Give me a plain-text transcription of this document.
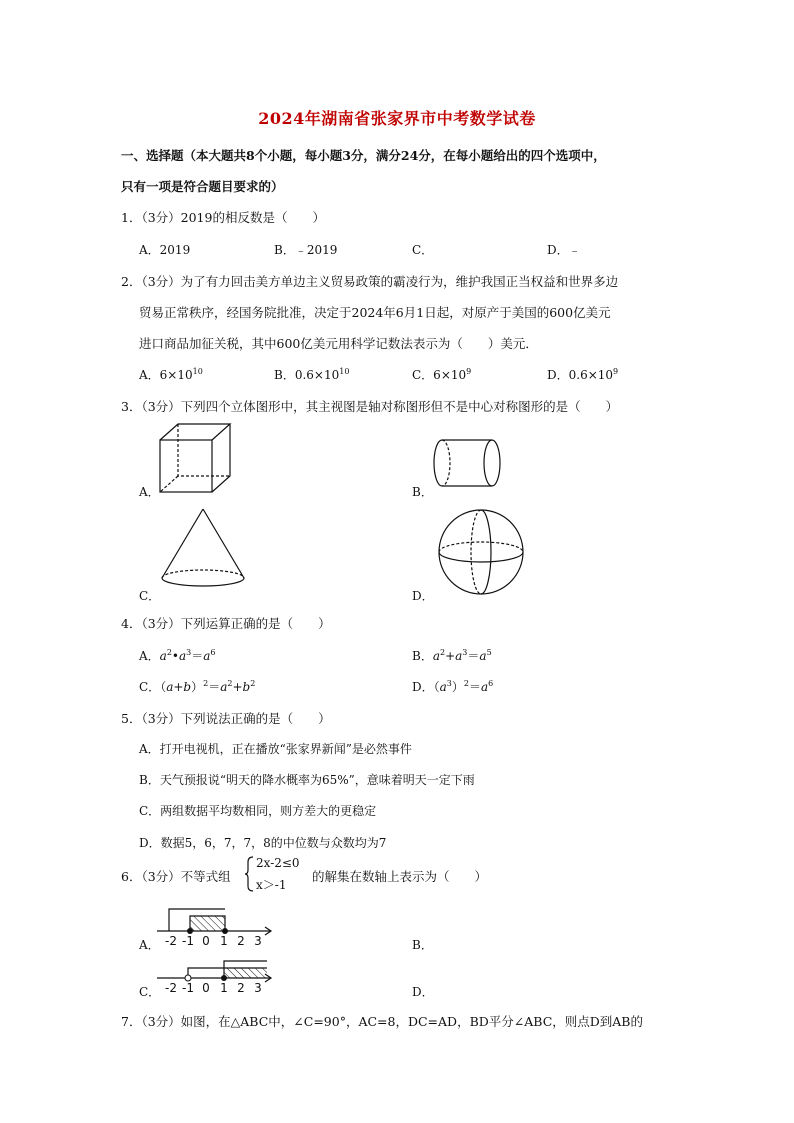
2024年湖南省张家界市中考数学试卷
一、选择题（本大题共8个小题，每小题3分，满分24分，在每小题给出的四个选项中，
只有一项是符合题目要求的）
1．（3分）2019的相反数是（　　）
A．2019	B．﹣2019	C．	D．﹣
2．（3分）为了有力回击美方单边主义贸易政策的霸凌行为，维护我国正当权益和世界多边
贸易正常秩序，经国务院批准，决定于2024年6月1日起，对原产于美国的600亿美元
进口商品加征关税，其中600亿美元用科学记数法表示为（　　）美元．
A．$6\times 10^{10}$	B．$0.6\times 10^{10}$	C．$6\times 10^9$	D．$0.6\times 10^9$
3．（3分）下列四个立体图形中，其主视图是轴对称图形但不是中心对称图形的是（　　）
A．	B．
C．	D．
4．（3分）下列运算正确的是（　　）
A．$a^2•a^3=a^6$	B．$a^2+a^3=a^5$
C．$(a+b)^2=a^2+b^2$	D．$(a^3)^2=a^6$
5．（3分）下列说法正确的是（　　）
A．打开电视机，正在播放“张家界新闻”是必然事件
B．天气预报说“明天的降水概率为65%”，意味着明天一定下雨
C．两组数据平均数相同，则方差大的更稳定
D．数据5，6，7，7，8的中位数与众数均为7
6．（3分）不等式组
2x-2≤0
x＞-1
的解集在数轴上表示为（　　）
A． -2 -1 0 1 2 3	B．
C． -2 -1 0 1 2 3	D．
7．（3分）如图，在△ABC中，∠C=90°，AC=8，DC=AD，BD平分∠ABC，则点D到AB的
